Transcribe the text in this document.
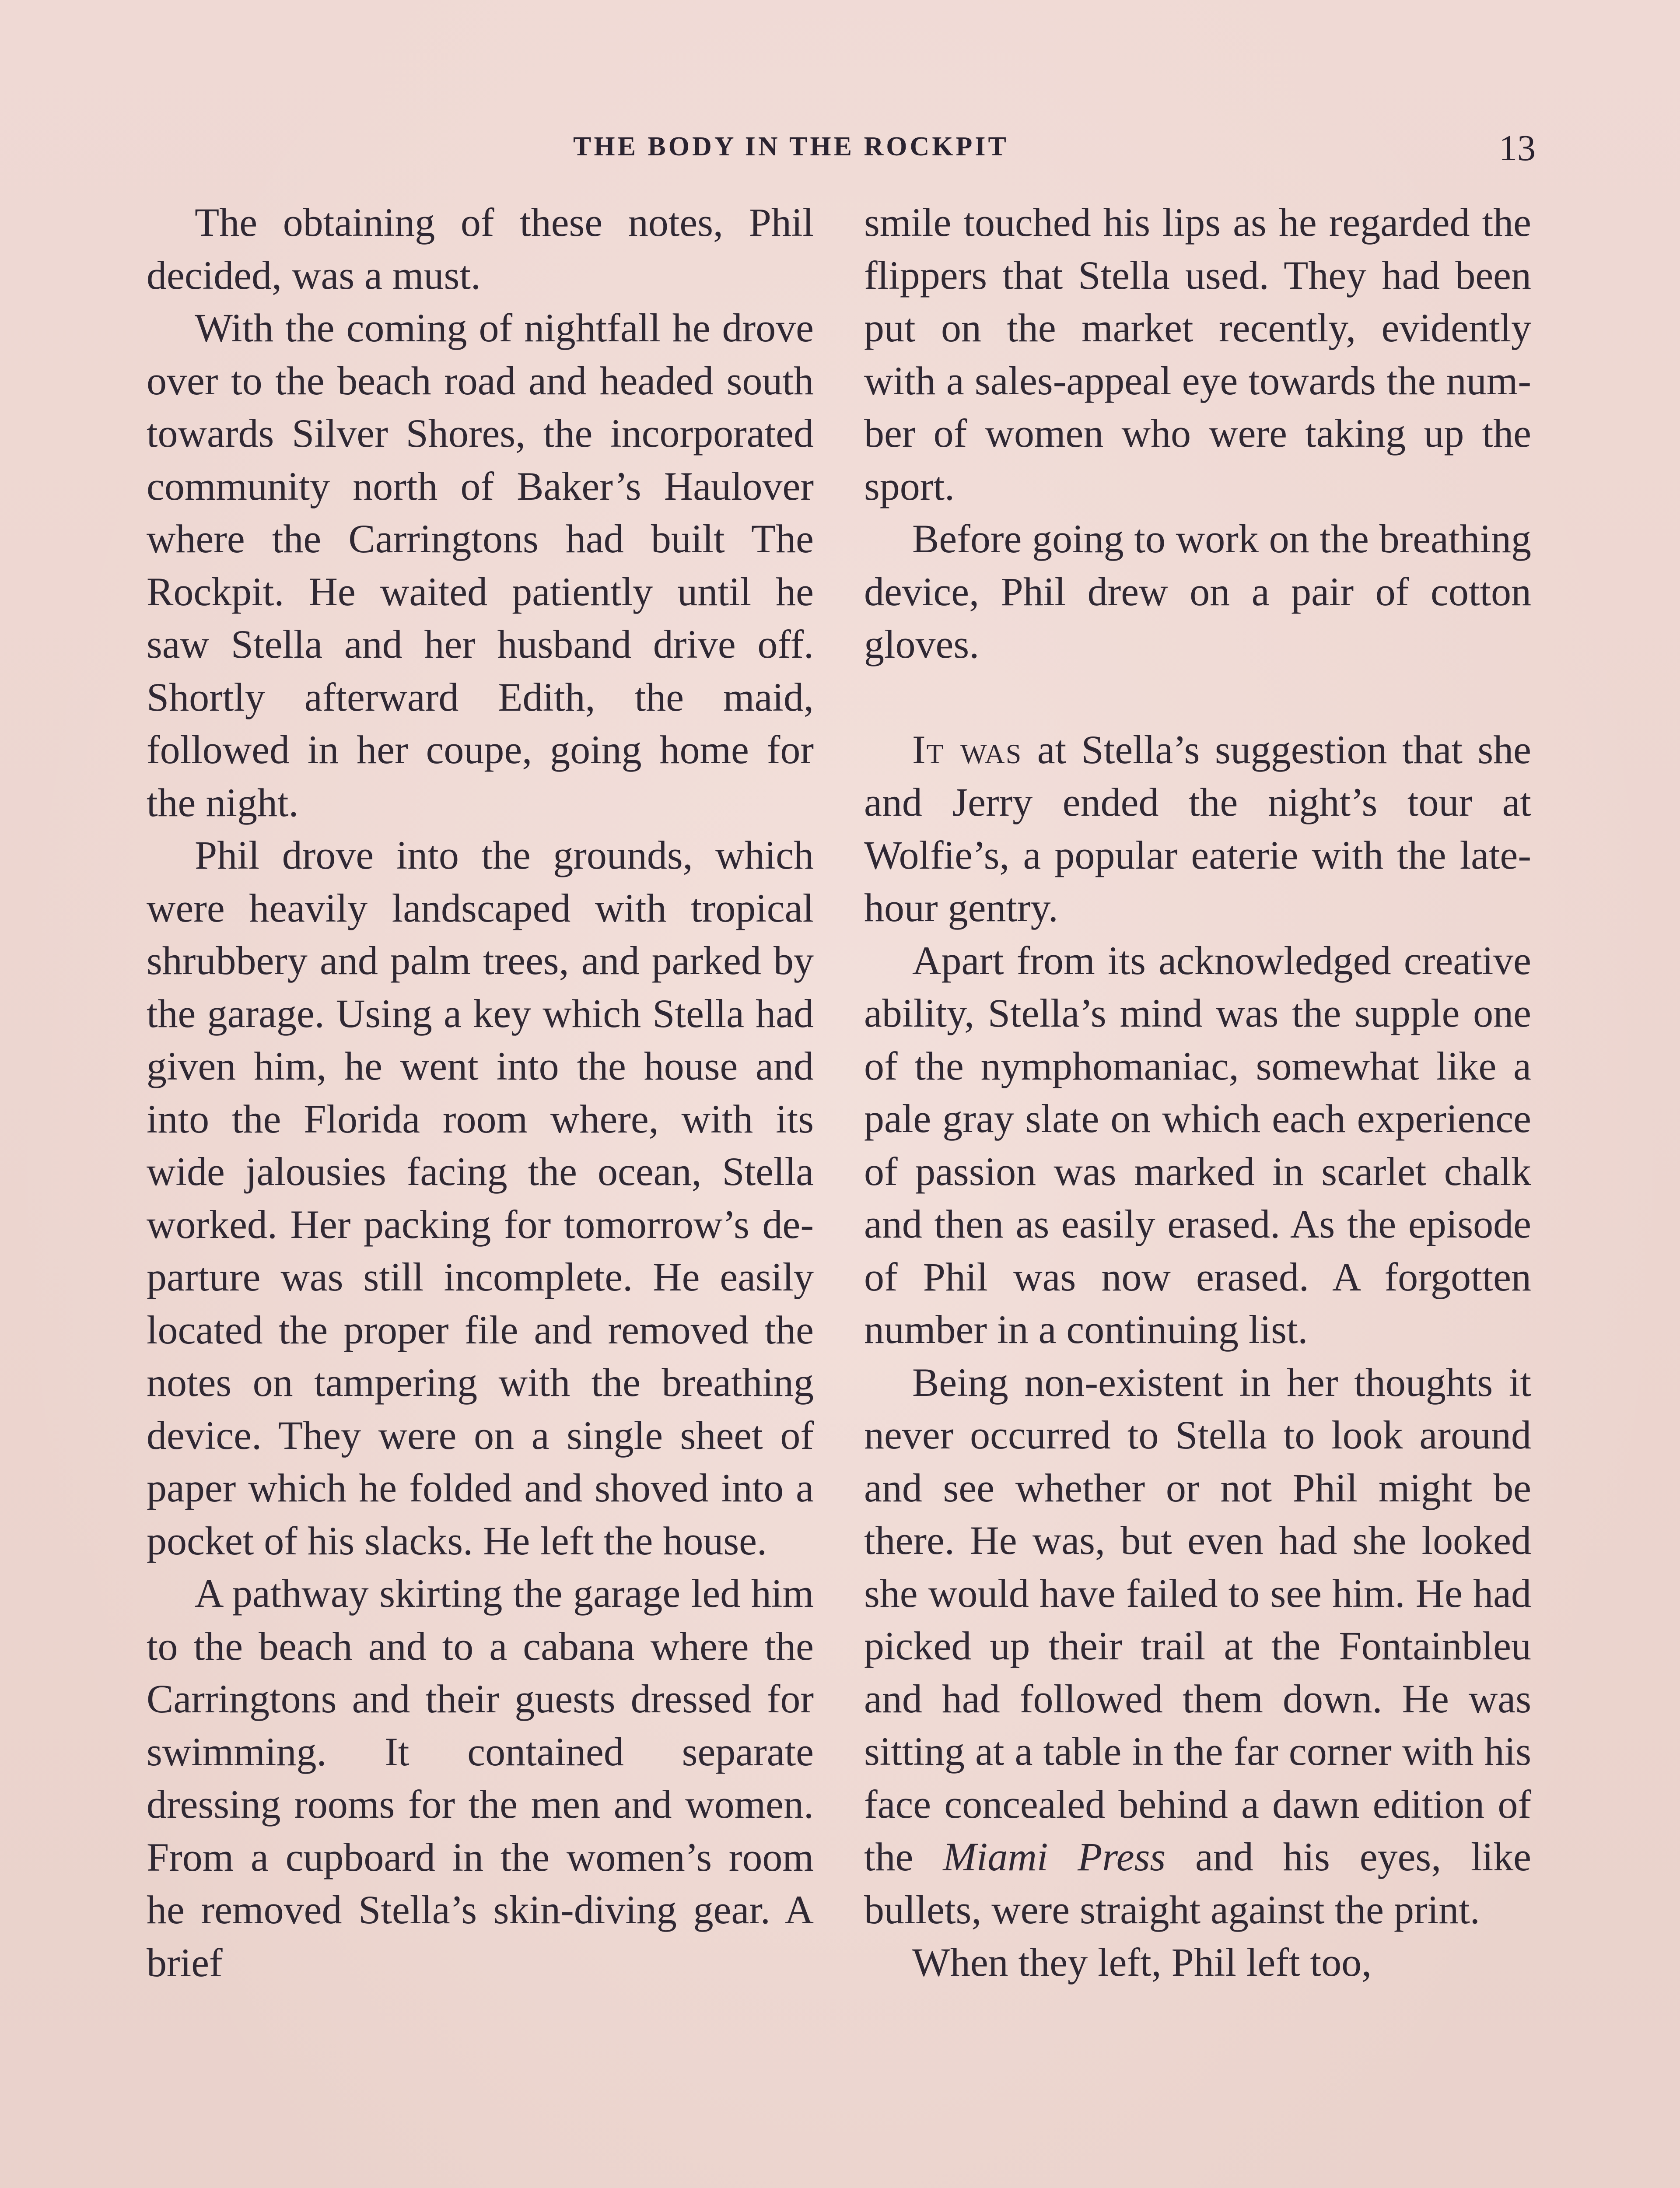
THE BODY IN THE ROCKPIT	13

The obtaining of these notes, Phil decided, was a must.

With the coming of nightfall he drove over to the beach road and headed south towards Silver Shores, the incorporated community north of Baker’s Haulover where the Carringtons had built The Rockpit. He waited patiently until he saw Stella and her husband drive off. Shortly afterward Edith, the maid, followed in her coupe, going home for the night.

Phil drove into the grounds, which were heavily landscaped with tropical shrubbery and palm trees, and parked by the garage. Using a key which Stella had given him, he went into the house and into the Florida room where, with its wide jalousies facing the ocean, Stella worked. Her packing for tomorrow’s departure was still incomplete. He easily located the proper file and removed the notes on tampering with the breathing device. They were on a single sheet of paper which he folded and shoved into a pocket of his slacks. He left the house.

A pathway skirting the garage led him to the beach and to a cabana where the Carringtons and their guests dressed for swimming. It contained separate dressing rooms for the men and women. From a cupboard in the women’s room he removed Stella’s skin-diving gear. A brief

smile touched his lips as he regarded the flippers that Stella used. They had been put on the market recently, evidently with a sales-appeal eye towards the number of women who were taking up the sport.

Before going to work on the breathing device, Phil drew on a pair of cotton gloves.

It was at Stella’s suggestion that she and Jerry ended the night’s tour at Wolfie’s, a popular eaterie with the late-hour gentry.

Apart from its acknowledged creative ability, Stella’s mind was the supple one of the nymphomaniac, somewhat like a pale gray slate on which each experience of passion was marked in scarlet chalk and then as easily erased. As the episode of Phil was now erased. A forgotten number in a continuing list.

Being non-existent in her thoughts it never occurred to Stella to look around and see whether or not Phil might be there. He was, but even had she looked she would have failed to see him. He had picked up their trail at the Fontainbleu and had followed them down. He was sitting at a table in the far corner with his face concealed behind a dawn edition of the Miami Press and his eyes, like bullets, were straight against the print.

When they left, Phil left too,
